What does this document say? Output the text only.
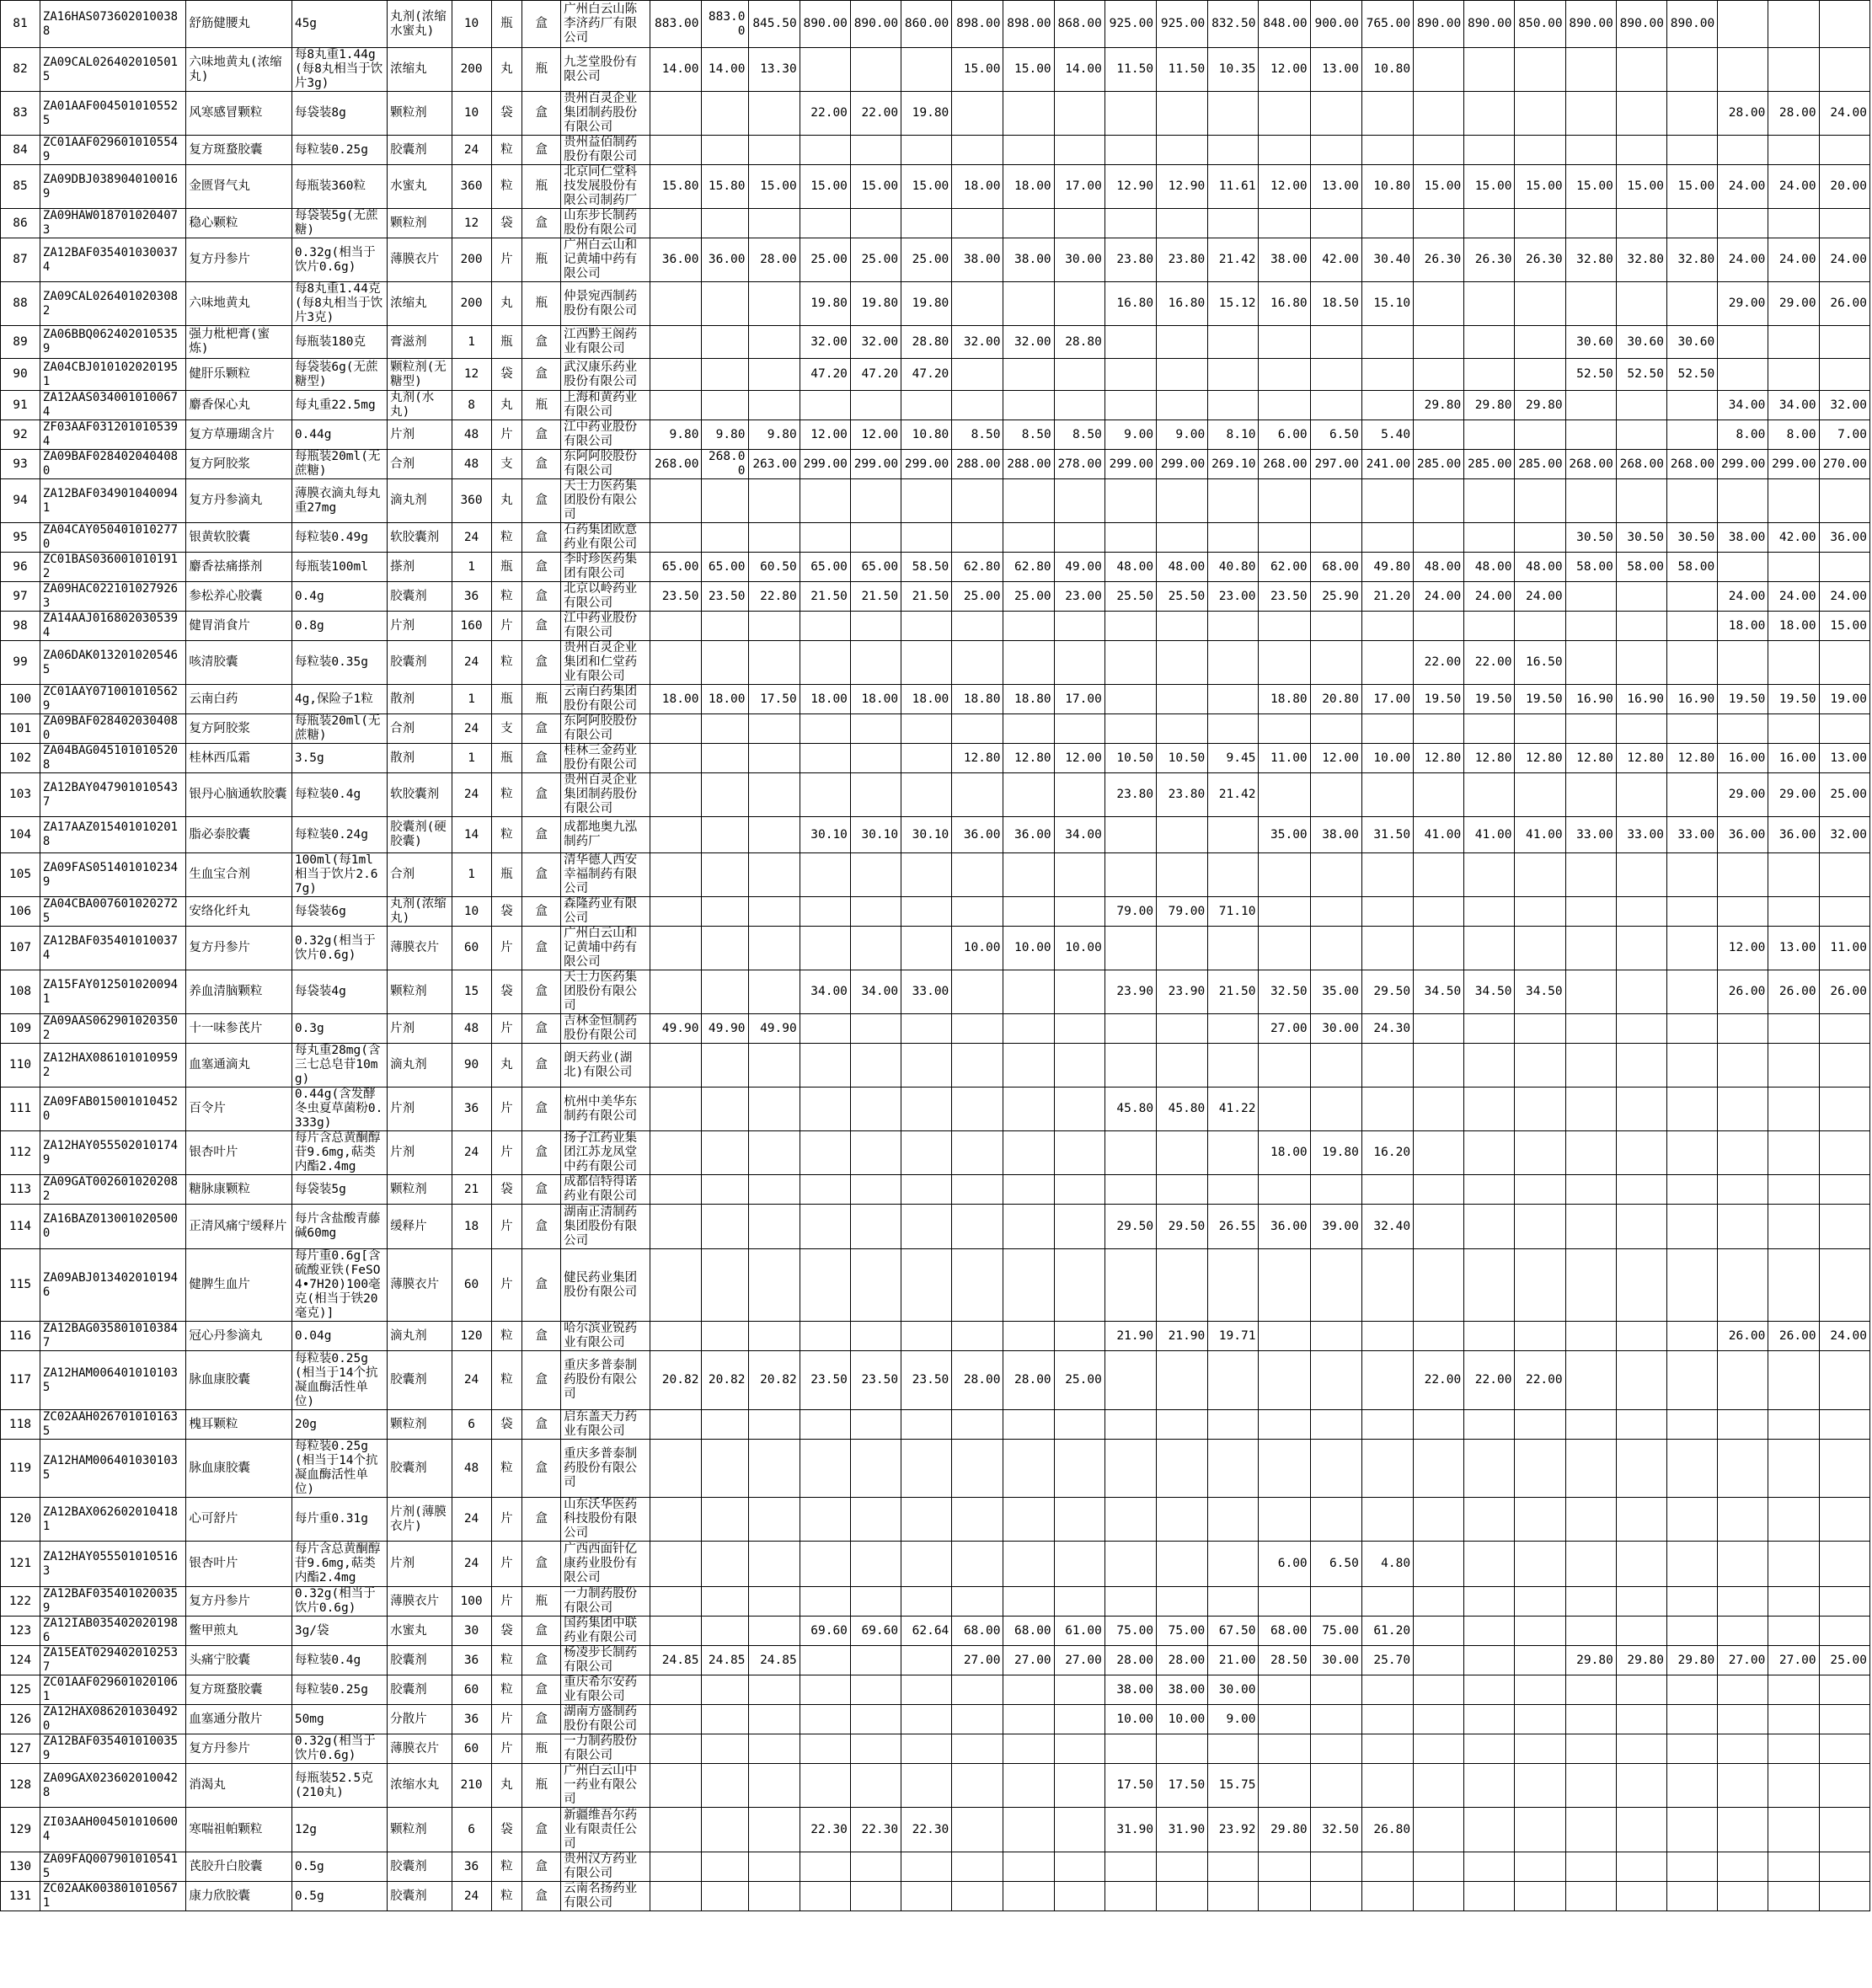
81	ZA16HAS0736020100388	舒筋健腰丸	45g	丸剂(浓缩水蜜丸)	10	瓶	盒	广州白云山陈李济药厂有限公司	883.00	883.00	845.50	890.00	890.00	860.00	898.00	898.00	868.00	925.00	925.00	832.50	848.00	900.00	765.00	890.00	890.00	850.00	890.00	890.00	890.00			
82	ZA09CAL0264020105015	六味地黄丸(浓缩丸)	每8丸重1.44g(每8丸相当于饮片3g)	浓缩丸	200	丸	瓶	九芝堂股份有限公司	14.00	14.00	13.30				15.00	15.00	14.00	11.50	11.50	10.35	12.00	13.00	10.80									
83	ZA01AAF0045010105525	风寒感冒颗粒	每袋装8g	颗粒剂	10	袋	盒	贵州百灵企业集团制药股份有限公司				22.00	22.00	19.80																28.00	28.00	24.00
84	ZC01AAF0296010105549	复方斑蝥胶囊	每粒装0.25g	胶囊剂	24	粒	盒	贵州益佰制药股份有限公司																								
85	ZA09DBJ0389040100169	金匮肾气丸	每瓶装360粒	水蜜丸	360	粒	瓶	北京同仁堂科技发展股份有限公司制药厂	15.80	15.80	15.00	15.00	15.00	15.00	18.00	18.00	17.00	12.90	12.90	11.61	12.00	13.00	10.80	15.00	15.00	15.00	15.00	15.00	15.00	24.00	24.00	20.00
86	ZA09HAW0187010204073	稳心颗粒	每袋装5g(无蔗糖)	颗粒剂	12	袋	盒	山东步长制药股份有限公司																								
87	ZA12BAF0354010300374	复方丹参片	0.32g(相当于饮片0.6g)	薄膜衣片	200	片	瓶	广州白云山和记黄埔中药有限公司	36.00	36.00	28.00	25.00	25.00	25.00	38.00	38.00	30.00	23.80	23.80	21.42	38.00	42.00	30.40	26.30	26.30	26.30	32.80	32.80	32.80	24.00	24.00	24.00
88	ZA09CAL0264010203082	六味地黄丸	每8丸重1.44克(每8丸相当于饮片3克)	浓缩丸	200	丸	瓶	仲景宛西制药股份有限公司				19.80	19.80	19.80				16.80	16.80	15.12	16.80	18.50	15.10							29.00	29.00	26.00
89	ZA06BBQ0624020105359	强力枇杷膏(蜜炼)	每瓶装180克	膏滋剂	1	瓶	盒	江西黔王阁药业有限公司				32.00	32.00	28.80	32.00	32.00	28.80										30.60	30.60	30.60			
90	ZA04CBJ0101020201951	健肝乐颗粒	每袋装6g(无蔗糖型)	颗粒剂(无糖型)	12	袋	盒	武汉康乐药业股份有限公司				47.20	47.20	47.20													52.50	52.50	52.50			
91	ZA12AAS0340010100674	麝香保心丸	每丸重22.5mg	丸剂(水丸)	8	丸	瓶	上海和黄药业有限公司																29.80	29.80	29.80				34.00	34.00	32.00
92	ZF03AAF0312010105394	复方草珊瑚含片	0.44g	片剂	48	片	盒	江中药业股份有限公司	9.80	9.80	9.80	12.00	12.00	10.80	8.50	8.50	8.50	9.00	9.00	8.10	6.00	6.50	5.40							8.00	8.00	7.00
93	ZA09BAF0284020404080	复方阿胶浆	每瓶装20ml(无蔗糖)	合剂	48	支	盒	东阿阿胶股份有限公司	268.00	268.00	263.00	299.00	299.00	299.00	288.00	288.00	278.00	299.00	299.00	269.10	268.00	297.00	241.00	285.00	285.00	285.00	268.00	268.00	268.00	299.00	299.00	270.00
94	ZA12BAF0349010400941	复方丹参滴丸	薄膜衣滴丸每丸重27mg	滴丸剂	360	丸	盒	天士力医药集团股份有限公司																								
95	ZA04CAY0504010102770	银黄软胶囊	每粒装0.49g	软胶囊剂	24	粒	盒	石药集团欧意药业有限公司																			30.50	30.50	30.50	38.00	42.00	36.00
96	ZC01BAS0360010101912	麝香祛痛搽剂	每瓶装100ml	搽剂	1	瓶	盒	李时珍医药集团有限公司	65.00	65.00	60.50	65.00	65.00	58.50	62.80	62.80	49.00	48.00	48.00	40.80	62.00	68.00	49.80	48.00	48.00	48.00	58.00	58.00	58.00			
97	ZA09HAC0221010279263	参松养心胶囊	0.4g	胶囊剂	36	粒	盒	北京以岭药业有限公司	23.50	23.50	22.80	21.50	21.50	21.50	25.00	25.00	23.00	25.50	25.50	23.00	23.50	25.90	21.20	24.00	24.00	24.00				24.00	24.00	24.00
98	ZA14AAJ0168020305394	健胃消食片	0.8g	片剂	160	片	盒	江中药业股份有限公司																						18.00	18.00	15.00
99	ZA06DAK0132010205465	咳清胶囊	每粒装0.35g	胶囊剂	24	粒	盒	贵州百灵企业集团和仁堂药业有限公司																22.00	22.00	16.50						
100	ZC01AAY0710010105629	云南白药	4g,保险子1粒	散剂	1	瓶	瓶	云南白药集团股份有限公司	18.00	18.00	17.50	18.00	18.00	18.00	18.80	18.80	17.00				18.80	20.80	17.00	19.50	19.50	19.50	16.90	16.90	16.90	19.50	19.50	19.00
101	ZA09BAF0284020304080	复方阿胶浆	每瓶装20ml(无蔗糖)	合剂	24	支	盒	东阿阿胶股份有限公司																								
102	ZA04BAG0451010105208	桂林西瓜霜	3.5g	散剂	1	瓶	盒	桂林三金药业股份有限公司							12.80	12.80	12.00	10.50	10.50	9.45	11.00	12.00	10.00	12.80	12.80	12.80	12.80	12.80	12.80	16.00	16.00	13.00
103	ZA12BAY0479010105437	银丹心脑通软胶囊	每粒装0.4g	软胶囊剂	24	粒	盒	贵州百灵企业集团制药股份有限公司										23.80	23.80	21.42										29.00	29.00	25.00
104	ZA17AAZ0154010102018	脂必泰胶囊	每粒装0.24g	胶囊剂(硬胶囊)	14	粒	盒	成都地奥九泓制药厂				30.10	30.10	30.10	36.00	36.00	34.00				35.00	38.00	31.50	41.00	41.00	41.00	33.00	33.00	33.00	36.00	36.00	32.00
105	ZA09FAS0514010102349	生血宝合剂	100ml(每1ml相当于饮片2.67g)	合剂	1	瓶	盒	清华德人西安幸福制药有限公司																								
106	ZA04CBA0076010202725	安络化纤丸	每袋装6g	丸剂(浓缩丸)	10	袋	盒	森隆药业有限公司										79.00	79.00	71.10												
107	ZA12BAF0354010100374	复方丹参片	0.32g(相当于饮片0.6g)	薄膜衣片	60	片	盒	广州白云山和记黄埔中药有限公司							10.00	10.00	10.00													12.00	13.00	11.00
108	ZA15FAY0125010200941	养血清脑颗粒	每袋装4g	颗粒剂	15	袋	盒	天士力医药集团股份有限公司				34.00	34.00	33.00				23.90	23.90	21.50	32.50	35.00	29.50	34.50	34.50	34.50				26.00	26.00	26.00
109	ZA09AAS0629010203502	十一味参芪片	0.3g	片剂	48	片	盒	吉林金恒制药股份有限公司	49.90	49.90	49.90										27.00	30.00	24.30									
110	ZA12HAX0861010109592	血塞通滴丸	每丸重28mg(含三七总皂苷10mg)	滴丸剂	90	丸	盒	朗天药业(湖北)有限公司																								
111	ZA09FAB0150010104520	百令片	0.44g(含发酵冬虫夏草菌粉0.333g)	片剂	36	片	盒	杭州中美华东制药有限公司										45.80	45.80	41.22												
112	ZA12HAY0555020101749	银杏叶片	每片含总黄酮醇苷9.6mg,萜类内酯2.4mg	片剂	24	片	盒	扬子江药业集团江苏龙凤堂中药有限公司													18.00	19.80	16.20									
113	ZA09GAT0026010202082	糖脉康颗粒	每袋装5g	颗粒剂	21	袋	盒	成都信特得诺药业有限公司																								
114	ZA16BAZ0130010205000	正清风痛宁缓释片	每片含盐酸青藤碱60mg	缓释片	18	片	盒	湖南正清制药集团股份有限公司										29.50	29.50	26.55	36.00	39.00	32.40									
115	ZA09ABJ0134020101946	健脾生血片	每片重0.6g[含硫酸亚铁(FeSO4•7H20)100毫克(相当于铁20毫克)]	薄膜衣片	60	片	盒	健民药业集团股份有限公司																								
116	ZA12BAG0358010103847	冠心丹参滴丸	0.04g	滴丸剂	120	粒	盒	哈尔滨业锐药业有限公司										21.90	21.90	19.71										26.00	26.00	24.00
117	ZA12HAM0064010101035	脉血康胶囊	每粒装0.25g(相当于14个抗凝血酶活性单位)	胶囊剂	24	粒	盒	重庆多普泰制药股份有限公司	20.82	20.82	20.82	23.50	23.50	23.50	28.00	28.00	25.00							22.00	22.00	22.00						
118	ZC02AAH0267010101635	槐耳颗粒	20g	颗粒剂	6	袋	盒	启东盖天力药业有限公司																								
119	ZA12HAM0064010301035	脉血康胶囊	每粒装0.25g(相当于14个抗凝血酶活性单位)	胶囊剂	48	粒	盒	重庆多普泰制药股份有限公司																								
120	ZA12BAX0626020104181	心可舒片	每片重0.31g	片剂(薄膜衣片)	24	片	盒	山东沃华医药科技股份有限公司																								
121	ZA12HAY0555010105163	银杏叶片	每片含总黄酮醇苷9.6mg,萜类内酯2.4mg	片剂	24	片	盒	广西西面针亿康药业股份有限公司													6.00	6.50	4.80									
122	ZA12BAF0354010200359	复方丹参片	0.32g(相当于饮片0.6g)	薄膜衣片	100	片	瓶	一力制药股份有限公司																								
123	ZA12IAB0354020201986	鳖甲煎丸	3g/袋	水蜜丸	30	袋	盒	国药集团中联药业有限公司				69.60	69.60	62.64	68.00	68.00	61.00	75.00	75.00	67.50	68.00	75.00	61.20									
124	ZA15EAT0294020102537	头痛宁胶囊	每粒装0.4g	胶囊剂	36	粒	盒	杨凌步长制药有限公司	24.85	24.85	24.85				27.00	27.00	27.00	28.00	28.00	21.00	28.50	30.00	25.70				29.80	29.80	29.80	27.00	27.00	25.00
125	ZC01AAF0296010201061	复方斑蝥胶囊	每粒装0.25g	胶囊剂	60	粒	盒	重庆希尔安药业有限公司										38.00	38.00	30.00												
126	ZA12HAX0862010304920	血塞通分散片	50mg	分散片	36	片	盒	湖南方盛制药股份有限公司										10.00	10.00	9.00												
127	ZA12BAF0354010100359	复方丹参片	0.32g(相当于饮片0.6g)	薄膜衣片	60	片	瓶	一力制药股份有限公司																								
128	ZA09GAX0236020100428	消渴丸	每瓶装52.5克(210丸)	浓缩水丸	210	丸	瓶	广州白云山中一药业有限公司										17.50	17.50	15.75												
129	ZI03AAH0045010106004	寒喘祖帕颗粒	12g	颗粒剂	6	袋	盒	新疆维吾尔药业有限责任公司				22.30	22.30	22.30				31.90	31.90	23.92	29.80	32.50	26.80									
130	ZA09FAQ0079010105415	芪胶升白胶囊	0.5g	胶囊剂	36	粒	盒	贵州汉方药业有限公司																								
131	ZC02AAK0038010105671	康力欣胶囊	0.5g	胶囊剂	24	粒	盒	云南名扬药业有限公司																								
